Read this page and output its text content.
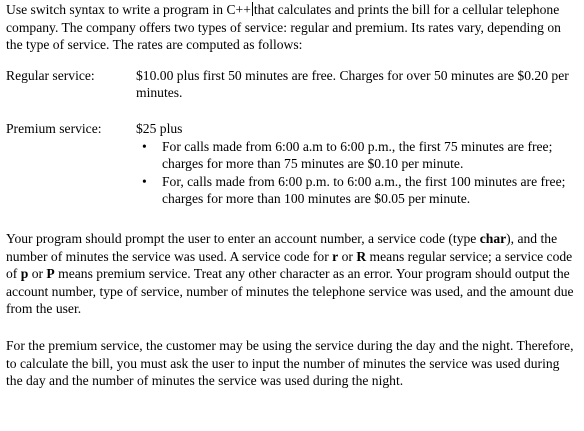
Use switch syntax to write a program in C++ that calculates and prints the bill for a cellular telephone company. The company offers two types of service: regular and premium. Its rates vary, depending on the type of service. The rates are computed as follows:

Regular service:	$10.00 plus first 50 minutes are free. Charges for over 50 minutes are $0.20 per minutes.
Premium service:	$25 plus
•	For calls made from 6:00 a.m to 6:00 p.m., the first 75 minutes are free; charges for more than 75 minutes are $0.10 per minute.
•	For, calls made from 6:00 p.m. to 6:00 a.m., the first 100 minutes are free; charges for more than 100 minutes are $0.05 per minute.

Your program should prompt the user to enter an account number, a service code (type char), and the number of minutes the service was used. A service code for r or R means regular service; a service code of p or P means premium service. Treat any other character as an error. Your program should output the account number, type of service, number of minutes the telephone service was used, and the amount due from the user.

For the premium service, the customer may be using the service during the day and the night. Therefore, to calculate the bill, you must ask the user to input the number of minutes the service was used during the day and the number of minutes the service was used during the night.
